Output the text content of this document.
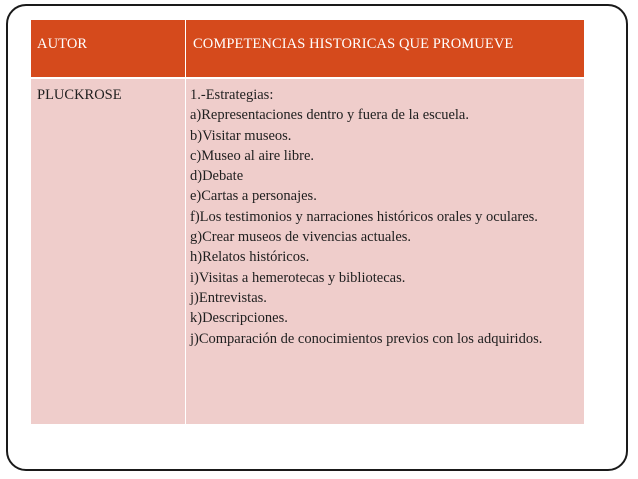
AUTOR	COMPETENCIAS HISTORICAS QUE PROMUEVE
PLUCKROSE	1.-Estrategias:
a)Representaciones dentro y fuera de la escuela.
b)Visitar museos.
c)Museo al aire libre.
d)Debate
e)Cartas a personajes.
f)Los testimonios y narraciones históricos orales y oculares.
g)Crear museos de vivencias actuales.
h)Relatos históricos.
i)Visitas a hemerotecas y bibliotecas.
j)Entrevistas.
k)Descripciones.
j)Comparación de conocimientos previos con los adquiridos.
